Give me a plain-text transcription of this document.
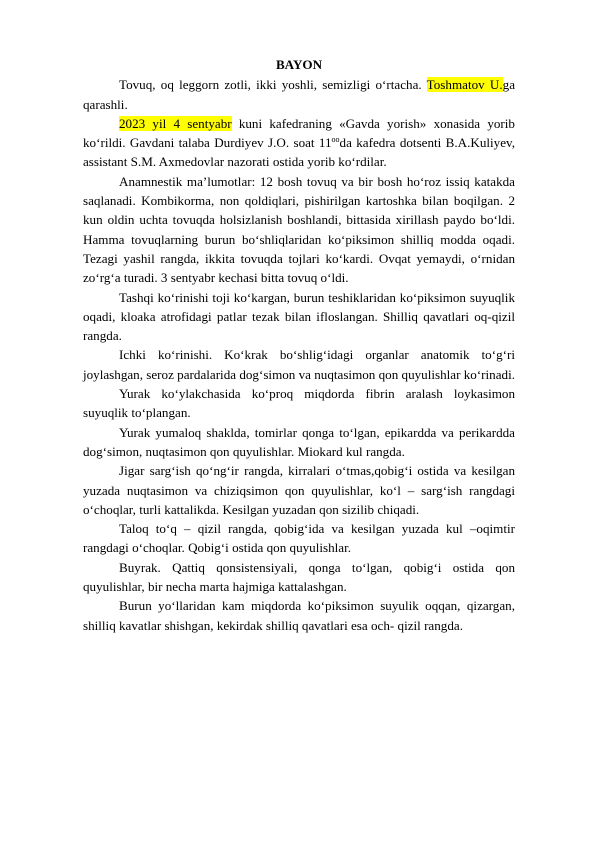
BAYON

Tovuq, oq leggorn zotli, ikki yoshli, semizligi oʻrtacha. Toshmatov U.ga qarashli.

2023 yil 4 sentyabr kuni kafedraning «Gavda yorish» xonasida yorib koʻrildi. Gavdani talaba Durdiyev J.O. soat $11^{oo}da$ kafedra dotsenti B.A.Kuliyev, assistant S.M. Axmedovlar nazorati ostida yorib koʻrdilar.

Anamnestik ma’lumotlar: 12 bosh tovuq va bir bosh hoʻroz issiq katakda saqlanadi. Kombikorma, non qoldiqlari, pishirilgan kartoshka bilan boqilgan. 2 kun oldin uchta tovuqda holsizlanish boshlandi, bittasida xirillash paydo boʻldi. Hamma tovuqlarning burun boʻshliqlaridan koʻpiksimon shilliq modda oqadi. Tezagi yashil rangda, ikkita tovuqda tojlari koʻkardi. Ovqat yemaydi, oʻrnidan zoʻrgʻa turadi. 3 sentyabr kechasi bitta tovuq oʻldi.

Tashqi koʻrinishi toji koʻkargan, burun teshiklaridan koʻpiksimon suyuqlik oqadi, kloaka atrofidagi patlar tezak bilan ifloslangan. Shilliq qavatlari oq-qizil rangda.

Ichki koʻrinishi. Koʻkrak boʻshligʻidagi organlar anatomik toʻgʻri joylashgan, seroz pardalarida dogʻsimon va nuqtasimon qon quyulishlar koʻrinadi.

Yurak koʻylakchasida koʻproq miqdorda fibrin aralash loykasimon suyuqlik toʻplangan.

Yurak yumaloq shaklda, tomirlar qonga toʻlgan, epikardda va perikardda dogʻsimon, nuqtasimon qon quyulishlar. Miokard kul rangda.

Jigar sargʻish qoʻngʻir rangda, kirralari oʻtmas,qobigʻi ostida va kesilgan yuzada nuqtasimon va chiziqsimon qon quyulishlar, koʻl – sargʻish rangdagi oʻchoqlar, turli kattalikda. Kesilgan yuzadan qon sizilib chiqadi.

Taloq toʻq – qizil rangda, qobigʻida va kesilgan yuzada kul –oqimtir rangdagi oʻchoqlar. Qobigʻi ostida qon quyulishlar.

Buyrak. Qattiq qonsistensiyali, qonga toʻlgan, qobigʻi ostida qon quyulishlar, bir necha marta hajmiga kattalashgan.

Burun yoʻllaridan kam miqdorda koʻpiksimon suyulik oqqan, qizargan, shilliq kavatlar shishgan, kekirdak shilliq qavatlari esa och- qizil rangda.
